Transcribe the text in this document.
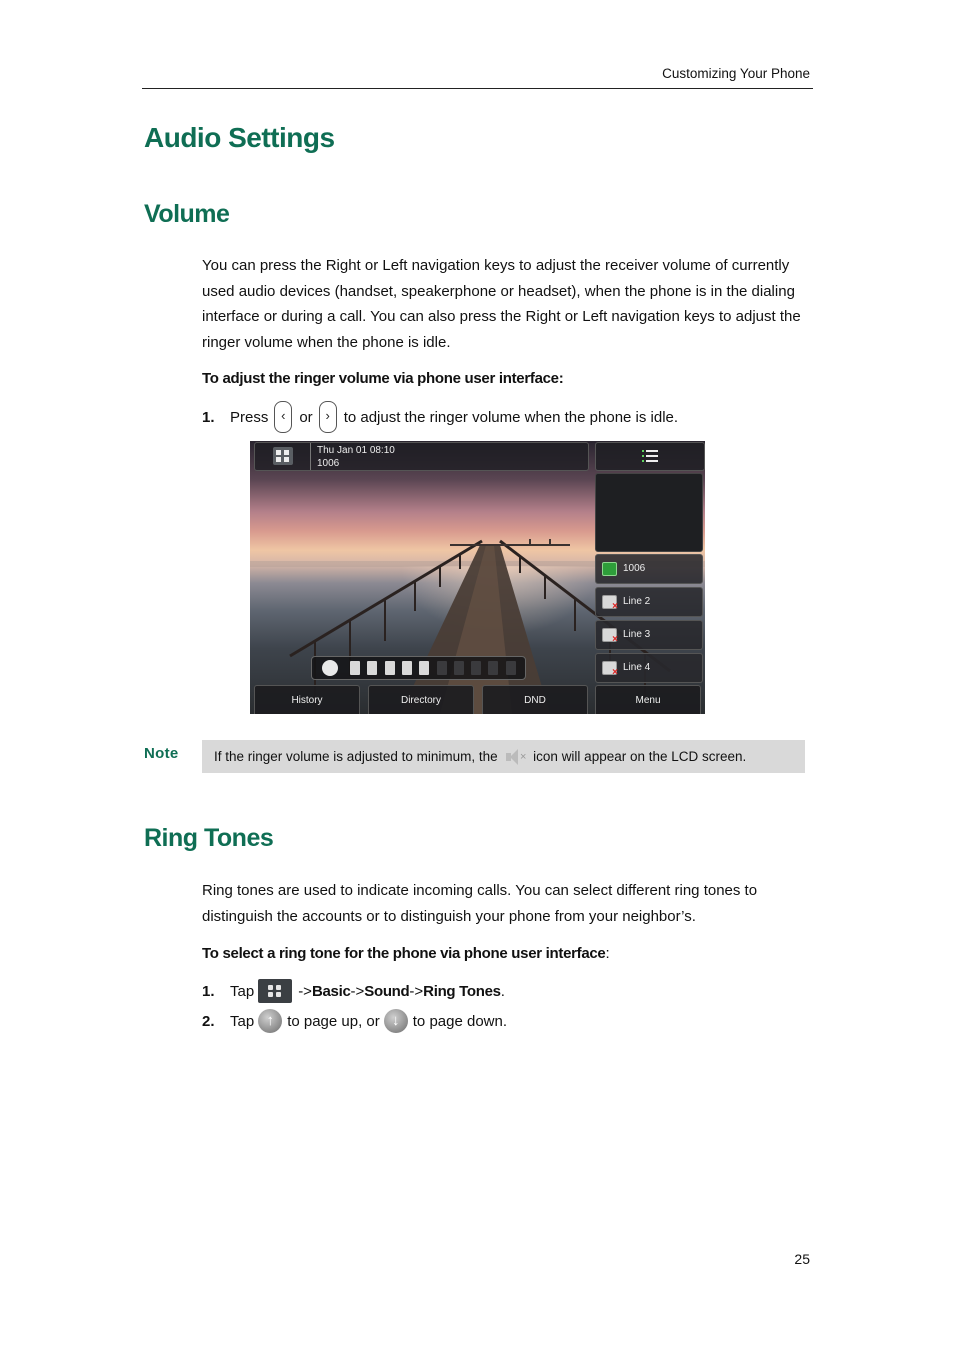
Customizing Your Phone
Audio Settings
Volume

You can press the Right or Left navigation keys to adjust the receiver volume of currently used audio devices (handset, speakerphone or headset), when the phone is in the dialing interface or during a call. You can also press the Right or Left navigation keys to adjust the ringer volume when the phone is idle.

To adjust the ringer volume via phone user interface:
1.	Press ‹ or › to adjust the ringer volume when the phone is idle.
Thu Jan 01 08:10
1006
1006
×
Line 2
×
Line 3
×
Line 4
History	Directory	DND	Menu
Note	If the ringer volume is adjusted to minimum, the × icon will appear on the LCD screen.
Ring Tones

Ring tones are used to indicate incoming calls. You can select different ring tones to distinguish the accounts or to distinguish your phone from your neighbor’s.

To select a ring tone for the phone via phone user interface:
1.	Tap	-> Basic -> Sound -> Ring Tones .
2.	Tap ↑ to page up, or ↓ to page down.
25
